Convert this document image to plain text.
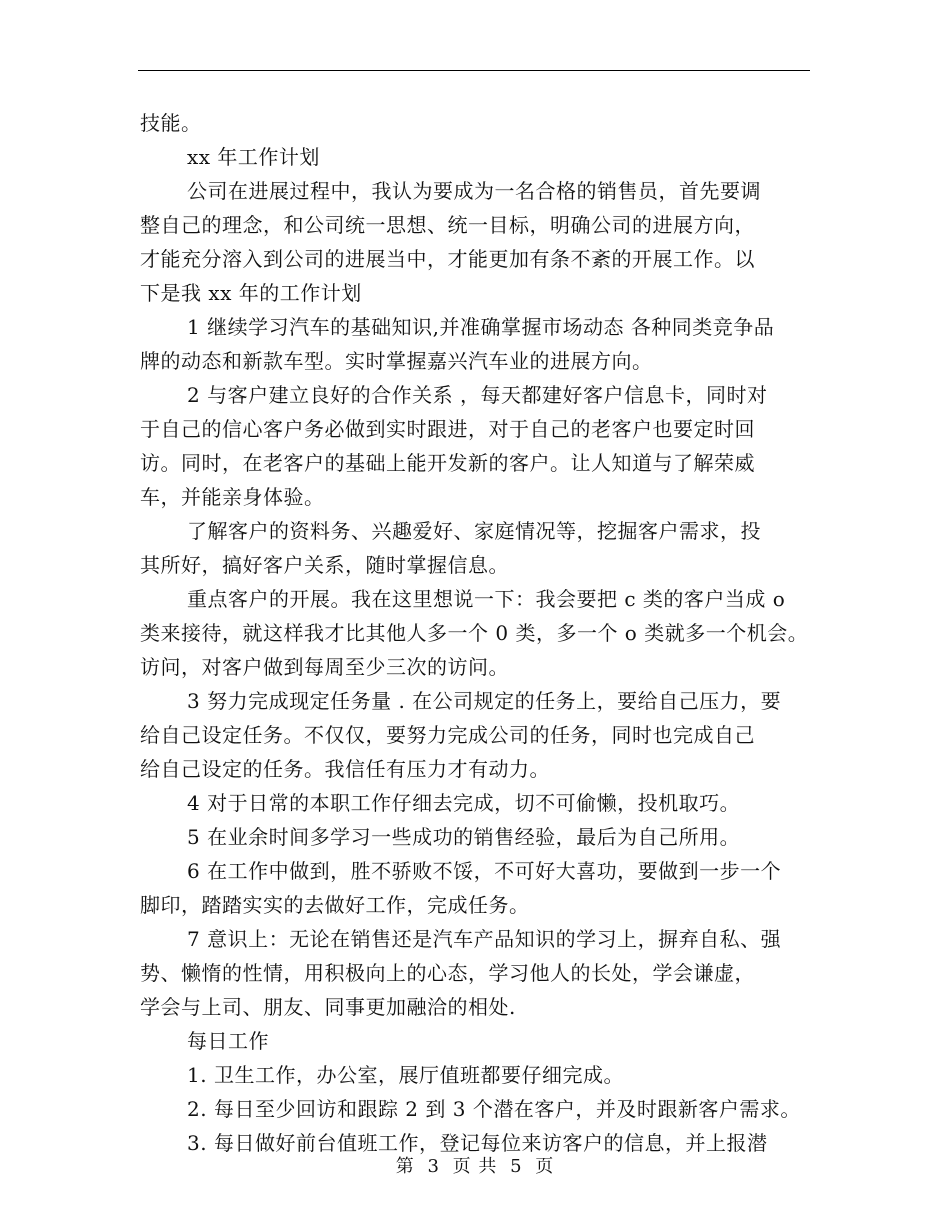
技能。
xx 年工作计划
公司在进展过程中，我认为要成为一名合格的销售员，首先要调
整自己的理念，和公司统一思想、统一目标，明确公司的进展方向，
才能充分溶入到公司的进展当中，才能更加有条不紊的开展工作。以
下是我 xx 年的工作计划
1 继续学习汽车的基础知识,并准确掌握市场动态 各种同类竞争品
牌的动态和新款车型。实时掌握嘉兴汽车业的进展方向。
2 与客户建立良好的合作关系 ，每天都建好客户信息卡，同时对
于自己的信心客户务必做到实时跟进，对于自己的老客户也要定时回
访。同时，在老客户的基础上能开发新的客户。让人知道与了解荣威
车，并能亲身体验。
了解客户的资料务、兴趣爱好、家庭情况等，挖掘客户需求，投
其所好，搞好客户关系，随时掌握信息。
重点客户的开展。我在这里想说一下：我会要把 c 类的客户当成 o
类来接待，就这样我才比其他人多一个 0 类，多一个 o 类就多一个机会。
访问，对客户做到每周至少三次的访问。
3 努力完成现定任务量 . 在公司规定的任务上，要给自己压力，要
给自己设定任务。不仅仅，要努力完成公司的任务，同时也完成自己
给自己设定的任务。我信任有压力才有动力。
4 对于日常的本职工作仔细去完成，切不可偷懒，投机取巧。
5 在业余时间多学习一些成功的销售经验，最后为自己所用。
6 在工作中做到，胜不骄败不馁，不可好大喜功，要做到一步一个
脚印，踏踏实实的去做好工作，完成任务。
7 意识上：无论在销售还是汽车产品知识的学习上，摒弃自私、强
势、懒惰的性情，用积极向上的心态，学习他人的长处，学会谦虚，
学会与上司、朋友、同事更加融洽的相处.
每日工作
1. 卫生工作，办公室，展厅值班都要仔细完成。
2. 每日至少回访和跟踪 2 到 3 个潜在客户，并及时跟新客户需求。
3. 每日做好前台值班工作，登记每位来访客户的信息，并上报潜
第 3 页 共 5 页
